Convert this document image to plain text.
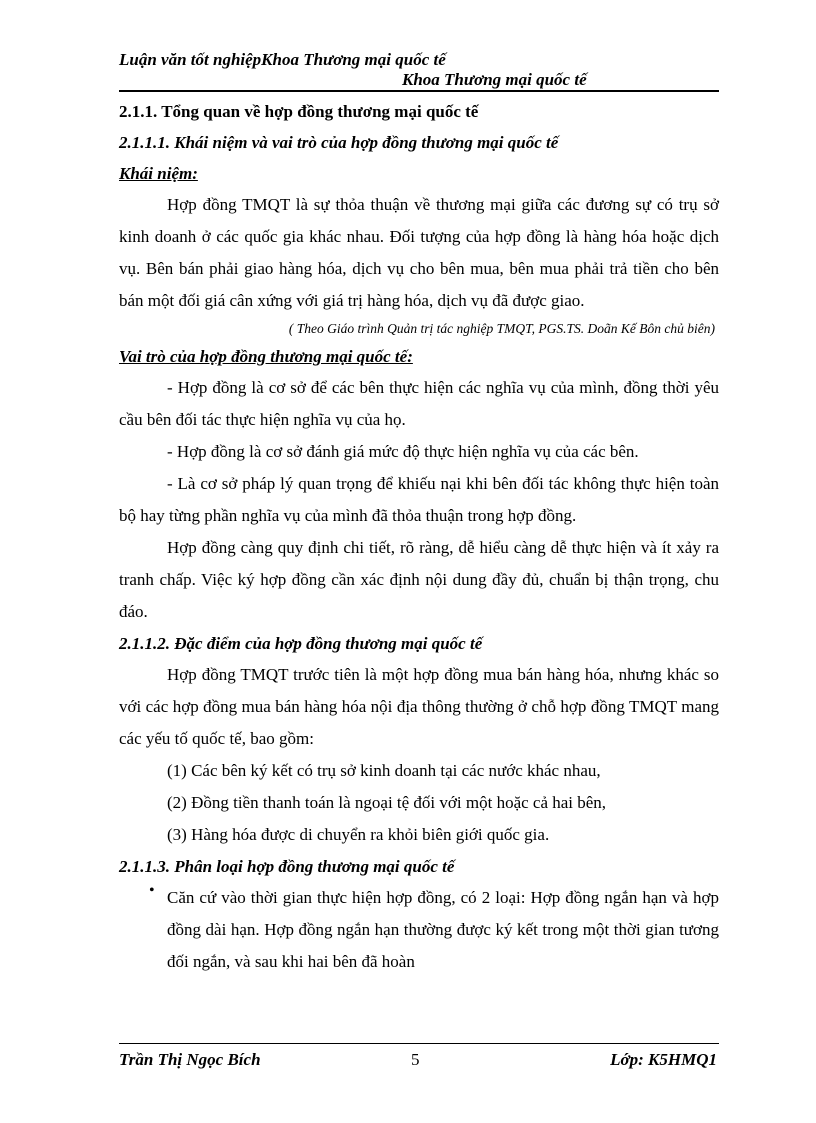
Luận văn tốt nghiệpKhoa Thương mại quốc tế
Khoa Thương mại quốc tế
2.1.1. Tổng quan về hợp đồng thương mại quốc tế
2.1.1.1. Khái niệm và vai trò của hợp đồng thương mại quốc tế
Khái niệm:

Hợp đồng TMQT là sự thỏa thuận về thương mại giữa các đương sự có trụ sở kinh doanh ở các quốc gia khác nhau. Đối tượng của hợp đồng là hàng hóa hoặc dịch vụ. Bên bán phải giao hàng hóa, dịch vụ cho bên mua, bên mua phải trả tiền cho bên bán một đối giá cân xứng với giá trị hàng hóa, dịch vụ đã được giao.

( Theo Giáo trình Quản trị tác nghiệp TMQT, PGS.TS. Doãn Kế Bôn chủ biên)

Vai trò của hợp đồng thương mại quốc tế:

- Hợp đồng là cơ sở để các bên thực hiện các nghĩa vụ của mình, đồng thời yêu cầu bên đối tác thực hiện nghĩa vụ của họ.

- Hợp đồng là cơ sở đánh giá mức độ thực hiện nghĩa vụ của các bên.

- Là cơ sở pháp lý quan trọng để khiếu nại khi bên đối tác không thực hiện toàn bộ hay từng phần nghĩa vụ của mình đã thỏa thuận trong hợp đồng.

Hợp đồng càng quy định chi tiết, rõ ràng, dễ hiểu càng dễ thực hiện và ít xảy ra tranh chấp. Việc ký hợp đồng cần xác định nội dung đầy đủ, chuẩn bị thận trọng, chu đáo.

2.1.1.2. Đặc điểm của hợp đồng thương mại quốc tế

Hợp đồng TMQT trước tiên là một hợp đồng mua bán hàng hóa, nhưng khác so với các hợp đồng mua bán hàng hóa nội địa thông thường ở chỗ hợp đồng TMQT mang các yếu tố quốc tế, bao gồm:

(1) Các bên ký kết có trụ sở kinh doanh tại các nước khác nhau,

(2) Đồng tiền thanh toán là ngoại tệ đối với một hoặc cả hai bên,

(3) Hàng hóa được di chuyển ra khỏi biên giới quốc gia.

2.1.1.3. Phân loại hợp đồng thương mại quốc tế
• Căn cứ vào thời gian thực hiện hợp đồng, có 2 loại: Hợp đồng ngắn hạn và hợp đồng dài hạn. Hợp đồng ngắn hạn thường được ký kết trong một thời gian tương đối ngắn, và sau khi hai bên đã hoàn

Trần Thị Ngọc Bích	5	Lớp: K5HMQ1
